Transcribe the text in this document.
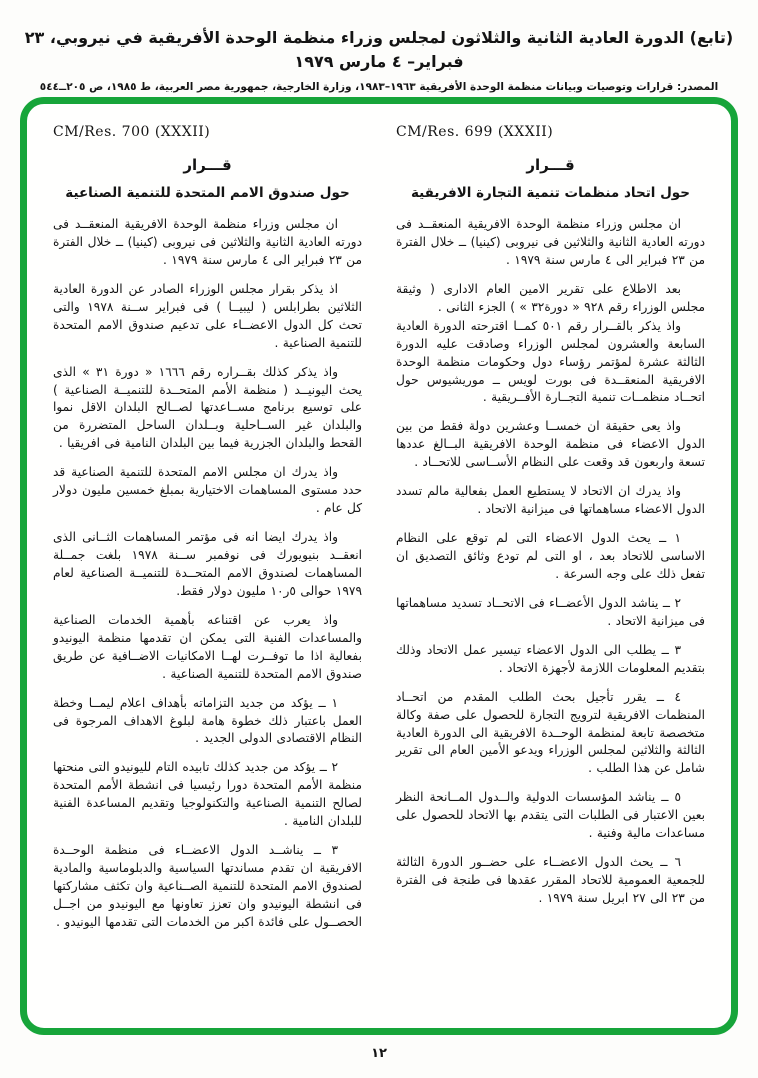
(تابع) الدورة العادية الثانية والثلاثون لمجلس وزراء منظمة الوحدة الأفريقية في نيروبي، ٢٣ فبراير– ٤ مارس ١٩٧٩
المصدر: قرارات وتوصيات وبيانات منظمة الوحدة الأفريقية ١٩٦٣–١٩٨٣، وزارة الخارجية، جمهورية مصر العربية، ط ١٩٨٥، ص ٢٠٥ــ٥٤٤
CM/Res. 699 (XXXII)
قـــرار
حول اتحاد منظمات تنمية التجارة الافريقية

ان مجلس وزراء منظمة الوحدة الافريقية المنعقــد فى دورته العادية الثانية والثلاثين فى نيروبى (كينيا) ــ خلال الفترة من ٢٣ فبراير الى ٤ مارس سنة ١٩٧٩ .

بعد الاطلاع على تقرير الامين العام الادارى ( وثيقة مجلس الوزراء رقم ٩٢٨ « دورة٣٢ » ) الجزء الثانى .

واذ يذكر بالقــرار رقم ٥٠١ كمــا اقترحته الدورة العادية السابعة والعشرون لمجلس الوزراء وصادقت عليه الدورة الثالثة عشرة لمؤتمر رؤساء دول وحكومات منظمة الوحدة الافريقية المنعقــدة فى بورت لويس ــ موريشيوس حول اتحــاد منظمــات تنمية التجــارة الأفــريقية .

واذ يعى حقيقة ان خمســا وعشرين دولة فقط من بين الدول الاعضاء فى منظمة الوحدة الافريقية البــالغ عددها تسعة واربعون قد وقعت على النظام الأســاسى للاتحــاد .

واذ يدرك ان الاتحاد لا يستطيع العمل بفعالية مالم تسدد الدول الاعضاء مساهماتها فى ميزانية الاتحاد .

١ ــ يحث الدول الاعضاء التى لم توقع على النظام الاساسى للاتحاد بعد ، او التى لم تودع وثائق التصديق ان تفعل ذلك على وجه السرعة .

٢ ــ يناشد الدول الأعضــاء فى الاتحــاد تسديد مساهماتها فى ميزانية الاتحاد .

٣ ــ يطلب الى الدول الاعضاء تيسير عمل الاتحاد وذلك بتقديم المعلومات اللازمة لأجهزة الاتحاد .

٤ ــ يقرر تأجيل بحث الطلب المقدم من اتحــاد المنظمات الافريقية لترويج التجارة للحصول على صفة وكالة متخصصة تابعة لمنظمة الوحــدة الافريقية الى الدورة العادية الثالثة والثلاثين لمجلس الوزراء ويدعو الأمين العام الى تقرير شامل عن هذا الطلب .

٥ ــ يناشد المؤسسات الدولية والــدول المــانحة النظر بعين الاعتبار فى الطلبات التى يتقدم بها الاتحاد للحصول على مساعدات مالية وفنية .

٦ ــ يحث الدول الاعضــاء على حضــور الدورة الثالثة للجمعية العمومية للاتحاد المقرر عقدها فى طنجة فى الفترة من ٢٣ الى ٢٧ ابريل سنة ١٩٧٩ .

CM/Res. 700 (XXXII)
قـــرار
حول صندوق الامم المتحدة للتنمية الصناعية

ان مجلس وزراء منظمة الوحدة الافريقية المنعقــد فى دورته العادية الثانية والثلاثين فى نيروبى (كينيا) ــ خلال الفترة من ٢٣ فبراير الى ٤ مارس سنة ١٩٧٩ .

اذ يذكر بقرار مجلس الوزراء الصادر عن الدورة العادية الثلاثين بطرابلس ( ليبيــا ) فى فبراير ســنة ١٩٧٨ والتى تحث كل الدول الاعضــاء على تدعيم صندوق الامم المتحدة للتنمية الصناعية .

واذ يذكر كذلك بقــراره رقم ١٦٦٦ « دورة ٣١ » الذى يحث اليونيــد ( منظمة الأمم المتحــدة للتنميــة الصناعية ) على توسيع برنامج مســاعدتها لصــالح البلدان الاقل نموا والبلدان غير الســاحلية وبــلدان الساحل المتضررة من القحط والبلدان الجزرية فيما بين البلدان النامية فى افريقيا .

واذ يدرك ان مجلس الامم المتحدة للتنمية الصناعية قد حدد مستوى المساهمات الاختيارية بمبلغ خمسين مليون دولار كل عام .

واذ يدرك ايضا انه فى مؤتمر المساهمات الثــانى الذى انعقــد بنيويورك فى نوفمبر ســنة ١٩٧٨ بلغت جمــلة المساهمات لصندوق الامم المتحــدة للتنميــة الصناعية لعام ١٩٧٩ حوالى ٥ر١٠ مليون دولار فقط.

واذ يعرب عن اقتناعه بأهمية الخدمات الصناعية والمساعدات الفنية التى يمكن ان تقدمها منظمة اليونيدو بفعالية اذا ما توفــرت لهــا الامكانيات الاضــافية عن طريق صندوق الامم المتحدة للتنمية الصناعية .

١ ــ يؤكد من جديد التزاماته بأهداف اعلام ليمــا وخطة العمل باعتبار ذلك خطوة هامة لبلوغ الاهداف المرجوة فى النظام الاقتصادى الدولى الجديد .

٢ ــ يؤكد من جديد كذلك تابيده التام لليونيدو التى منحتها منظمة الأمم المتحدة دورا رئيسيا فى انشطة الأمم المتحدة لصالح التنمية الصناعية والتكنولوجيا وتقديم المساعدة الفنية للبلدان النامية .

٣ ــ يناشــد الدول الاعضــاء فى منظمة الوحــدة الافريقية ان تقدم مساندتها السياسية والدبلوماسية والمادية لصندوق الامم المتحدة للتنمية الصــناعية وان تكثف مشاركتها فى انشطة اليونيدو وان تعزز تعاونها مع اليونيدو من اجــل الحصــول على فائدة اكبر من الخدمات التى تقدمها اليونيدو .

١٢
